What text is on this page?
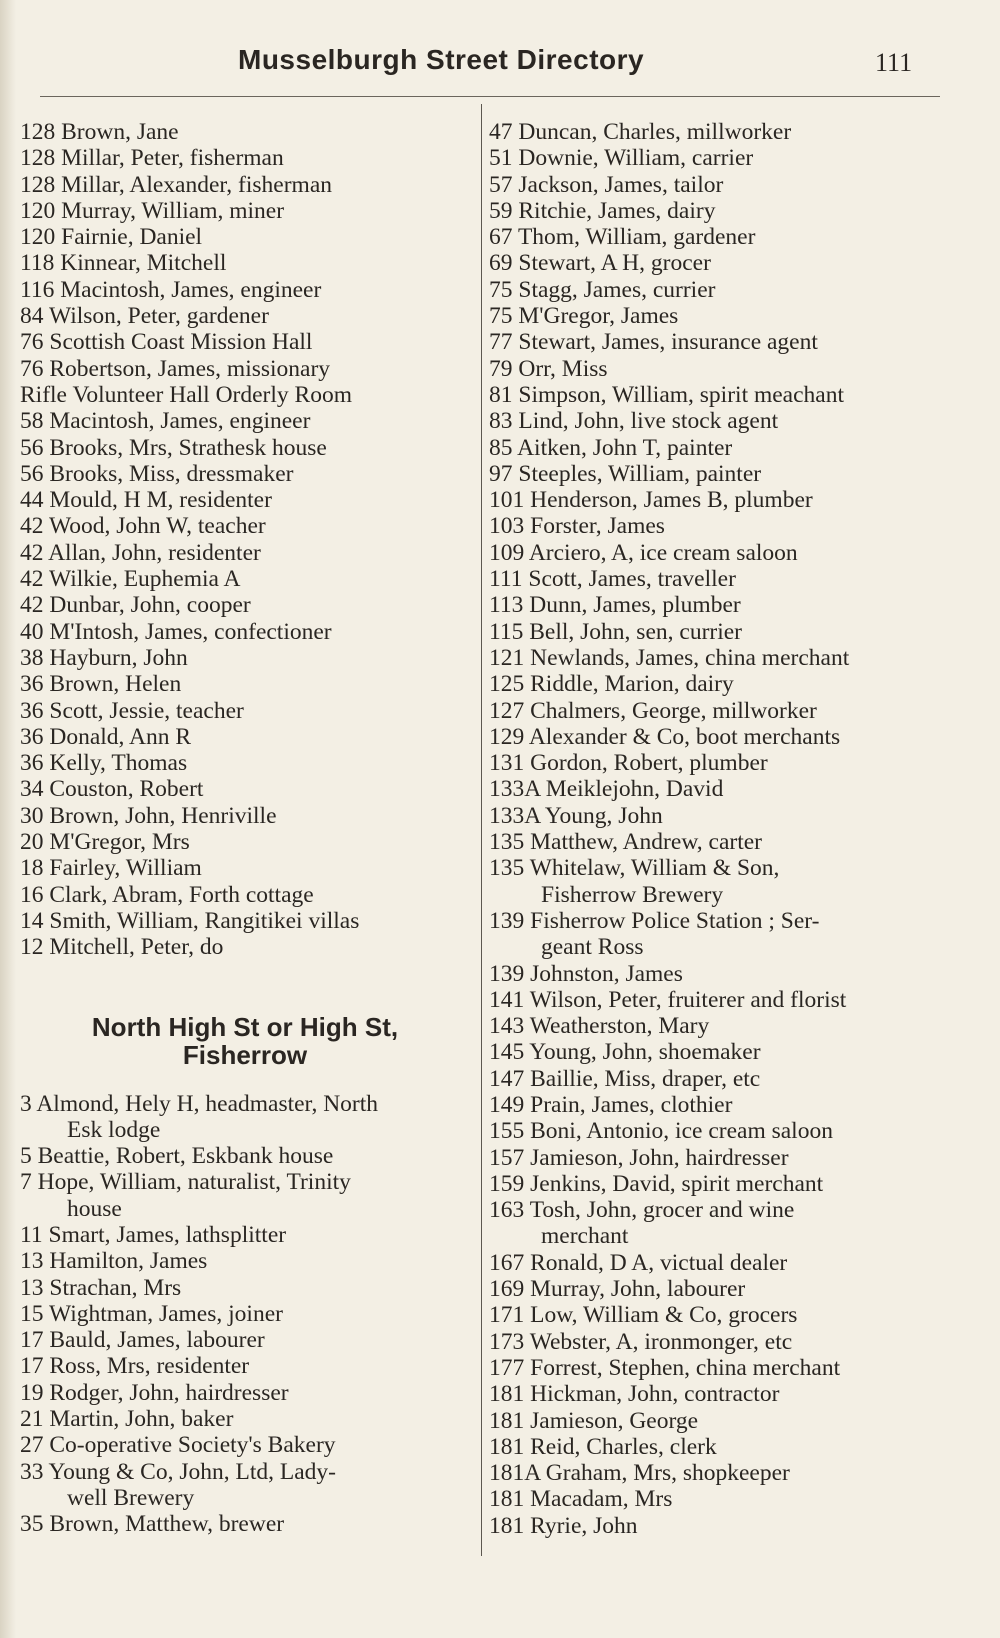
Musselburgh Street Directory	111
128 Brown, Jane
128 Millar, Peter, fisherman
128 Millar, Alexander, fisherman
120 Murray, William, miner
120 Fairnie, Daniel
118 Kinnear, Mitchell
116 Macintosh, James, engineer
84 Wilson, Peter, gardener
76 Scottish Coast Mission Hall
76 Robertson, James, missionary
Rifle Volunteer Hall Orderly Room
58 Macintosh, James, engineer
56 Brooks, Mrs, Strathesk house
56 Brooks, Miss, dressmaker
44 Mould, H M, residenter
42 Wood, John W, teacher
42 Allan, John, residenter
42 Wilkie, Euphemia A
42 Dunbar, John, cooper
40 M'Intosh, James, confectioner
38 Hayburn, John
36 Brown, Helen
36 Scott, Jessie, teacher
36 Donald, Ann R
36 Kelly, Thomas
34 Couston, Robert
30 Brown, John, Henriville
20 M'Gregor, Mrs
18 Fairley, William
16 Clark, Abram, Forth cottage
14 Smith, William, Rangitikei villas
12 Mitchell, Peter, do
North High St or High St,
Fisherrow
3 Almond, Hely H, headmaster, North
Esk lodge
5 Beattie, Robert, Eskbank house
7 Hope, William, naturalist, Trinity
house
11 Smart, James, lathsplitter
13 Hamilton, James
13 Strachan, Mrs
15 Wightman, James, joiner
17 Bauld, James, labourer
17 Ross, Mrs, residenter
19 Rodger, John, hairdresser
21 Martin, John, baker
27 Co-operative Society's Bakery
33 Young & Co, John, Ltd, Lady-
well Brewery
35 Brown, Matthew, brewer
47 Duncan, Charles, millworker
51 Downie, William, carrier
57 Jackson, James, tailor
59 Ritchie, James, dairy
67 Thom, William, gardener
69 Stewart, A H, grocer
75 Stagg, James, currier
75 M'Gregor, James
77 Stewart, James, insurance agent
79 Orr, Miss
81 Simpson, William, spirit meachant
83 Lind, John, live stock agent
85 Aitken, John T, painter
97 Steeples, William, painter
101 Henderson, James B, plumber
103 Forster, James
109 Arciero, A, ice cream saloon
111 Scott, James, traveller
113 Dunn, James, plumber
115 Bell, John, sen, currier
121 Newlands, James, china merchant
125 Riddle, Marion, dairy
127 Chalmers, George, millworker
129 Alexander & Co, boot merchants
131 Gordon, Robert, plumber
133A Meiklejohn, David
133A Young, John
135 Matthew, Andrew, carter
135 Whitelaw, William & Son,
Fisherrow Brewery
139 Fisherrow Police Station ; Ser-
geant Ross
139 Johnston, James
141 Wilson, Peter, fruiterer and florist
143 Weatherston, Mary
145 Young, John, shoemaker
147 Baillie, Miss, draper, etc
149 Prain, James, clothier
155 Boni, Antonio, ice cream saloon
157 Jamieson, John, hairdresser
159 Jenkins, David, spirit merchant
163 Tosh, John, grocer and wine
merchant
167 Ronald, D A, victual dealer
169 Murray, John, labourer
171 Low, William & Co, grocers
173 Webster, A, ironmonger, etc
177 Forrest, Stephen, china merchant
181 Hickman, John, contractor
181 Jamieson, George
181 Reid, Charles, clerk
181A Graham, Mrs, shopkeeper
181 Macadam, Mrs
181 Ryrie, John
